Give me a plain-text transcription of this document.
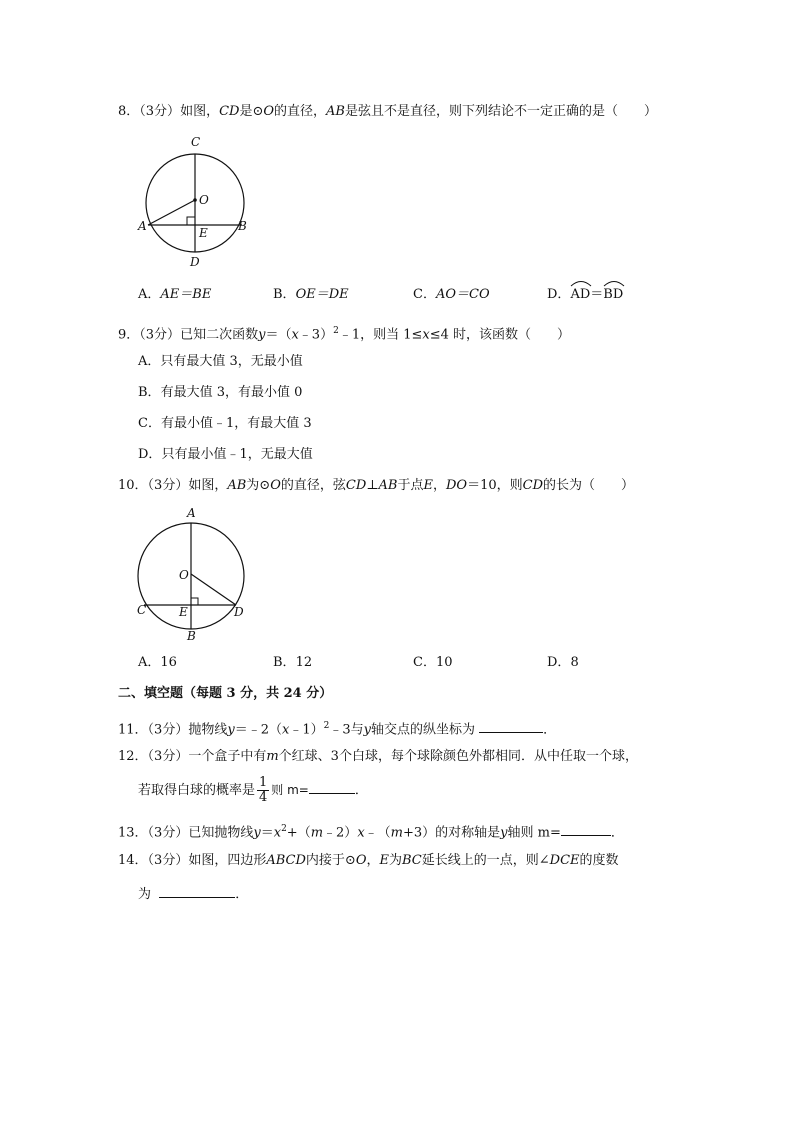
8．（3分）如图，CD是⊙O的直径，AB是弦且不是直径，则下列结论不一定正确的是（　　）
C
O
A	E	B
D
A．AE＝BE	B．OE＝DE	C．AO＝CO	D．
AD＝
BD
9．（3分）已知二次函数y＝（x﹣3）$^2$﹣1，则当 1≤x≤4 时，该函数（　　）
A．只有最大值 3，无最小值
B．有最大值 3，有最小值 0
C．有最小值﹣1，有最大值 3
D．只有最小值﹣1，无最大值
10．（3分）如图，AB为⊙O的直径，弦CD⊥AB于点E，DO＝10，则CD的长为（　　）
A
O
C	E	D
B
A．16	B．12	C．10	D．8
二、填空题（每题 3 分，共 24 分）
11．（3分）抛物线y＝﹣2（x﹣1）$^2$﹣3与y轴交点的纵坐标为	．
12．（3分）一个盒子中有m个红球、3个白球，每个球除颜色外都相同．从中任取一个球，
若取得白球的概率是 $\frac{1}{4}$ 则 m=	．
13．（3分）已知抛物线$y=x^2+(m﹣2)x﹣(m+3)$的对称轴是y轴则 m=	．
14．（3分）如图，四边形ABCD内接于⊙O，E为BC延长线上的一点，则∠DCE的度数
为	．
